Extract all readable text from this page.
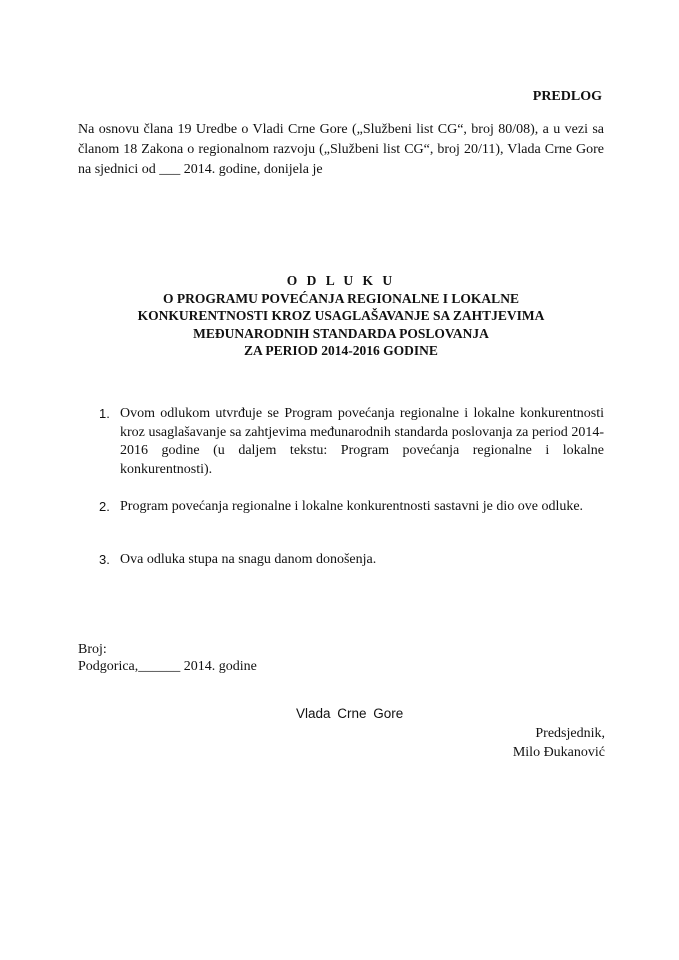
PREDLOG
Na osnovu člana 19 Uredbe o Vladi Crne Gore („Službeni list CG“, broj 80/08), a u vezi sa članom 18 Zakona o regionalnom razvoju („Službeni list CG“, broj 20/11), Vlada Crne Gore na sjednici od ___ 2014. godine, donijela je
O D L U K U
O PROGRAMU POVEĆANJA REGIONALNE I LOKALNE
KONKURENTNOSTI KROZ USAGLAŠAVANJE SA ZAHTJEVIMA
MEĐUNARODNIH STANDARDA POSLOVANJA
ZA PERIOD 2014-2016 GODINE
1. Ovom odlukom utvrđuje se Program povećanja regionalne i lokalne konkurentnosti kroz usaglašavanje sa zahtjevima međunarodnih standarda poslovanja za period 2014-2016 godine (u daljem tekstu: Program povećanja regionalne i lokalne konkurentnosti).
2. Program povećanja regionalne i lokalne konkurentnosti sastavni je dio ove odluke.
3. Ova odluka stupa na snagu danom donošenja.
Broj:
Podgorica,______ 2014. godine
Vlada Crne Gore
Predsjednik,
Milo Đukanović
